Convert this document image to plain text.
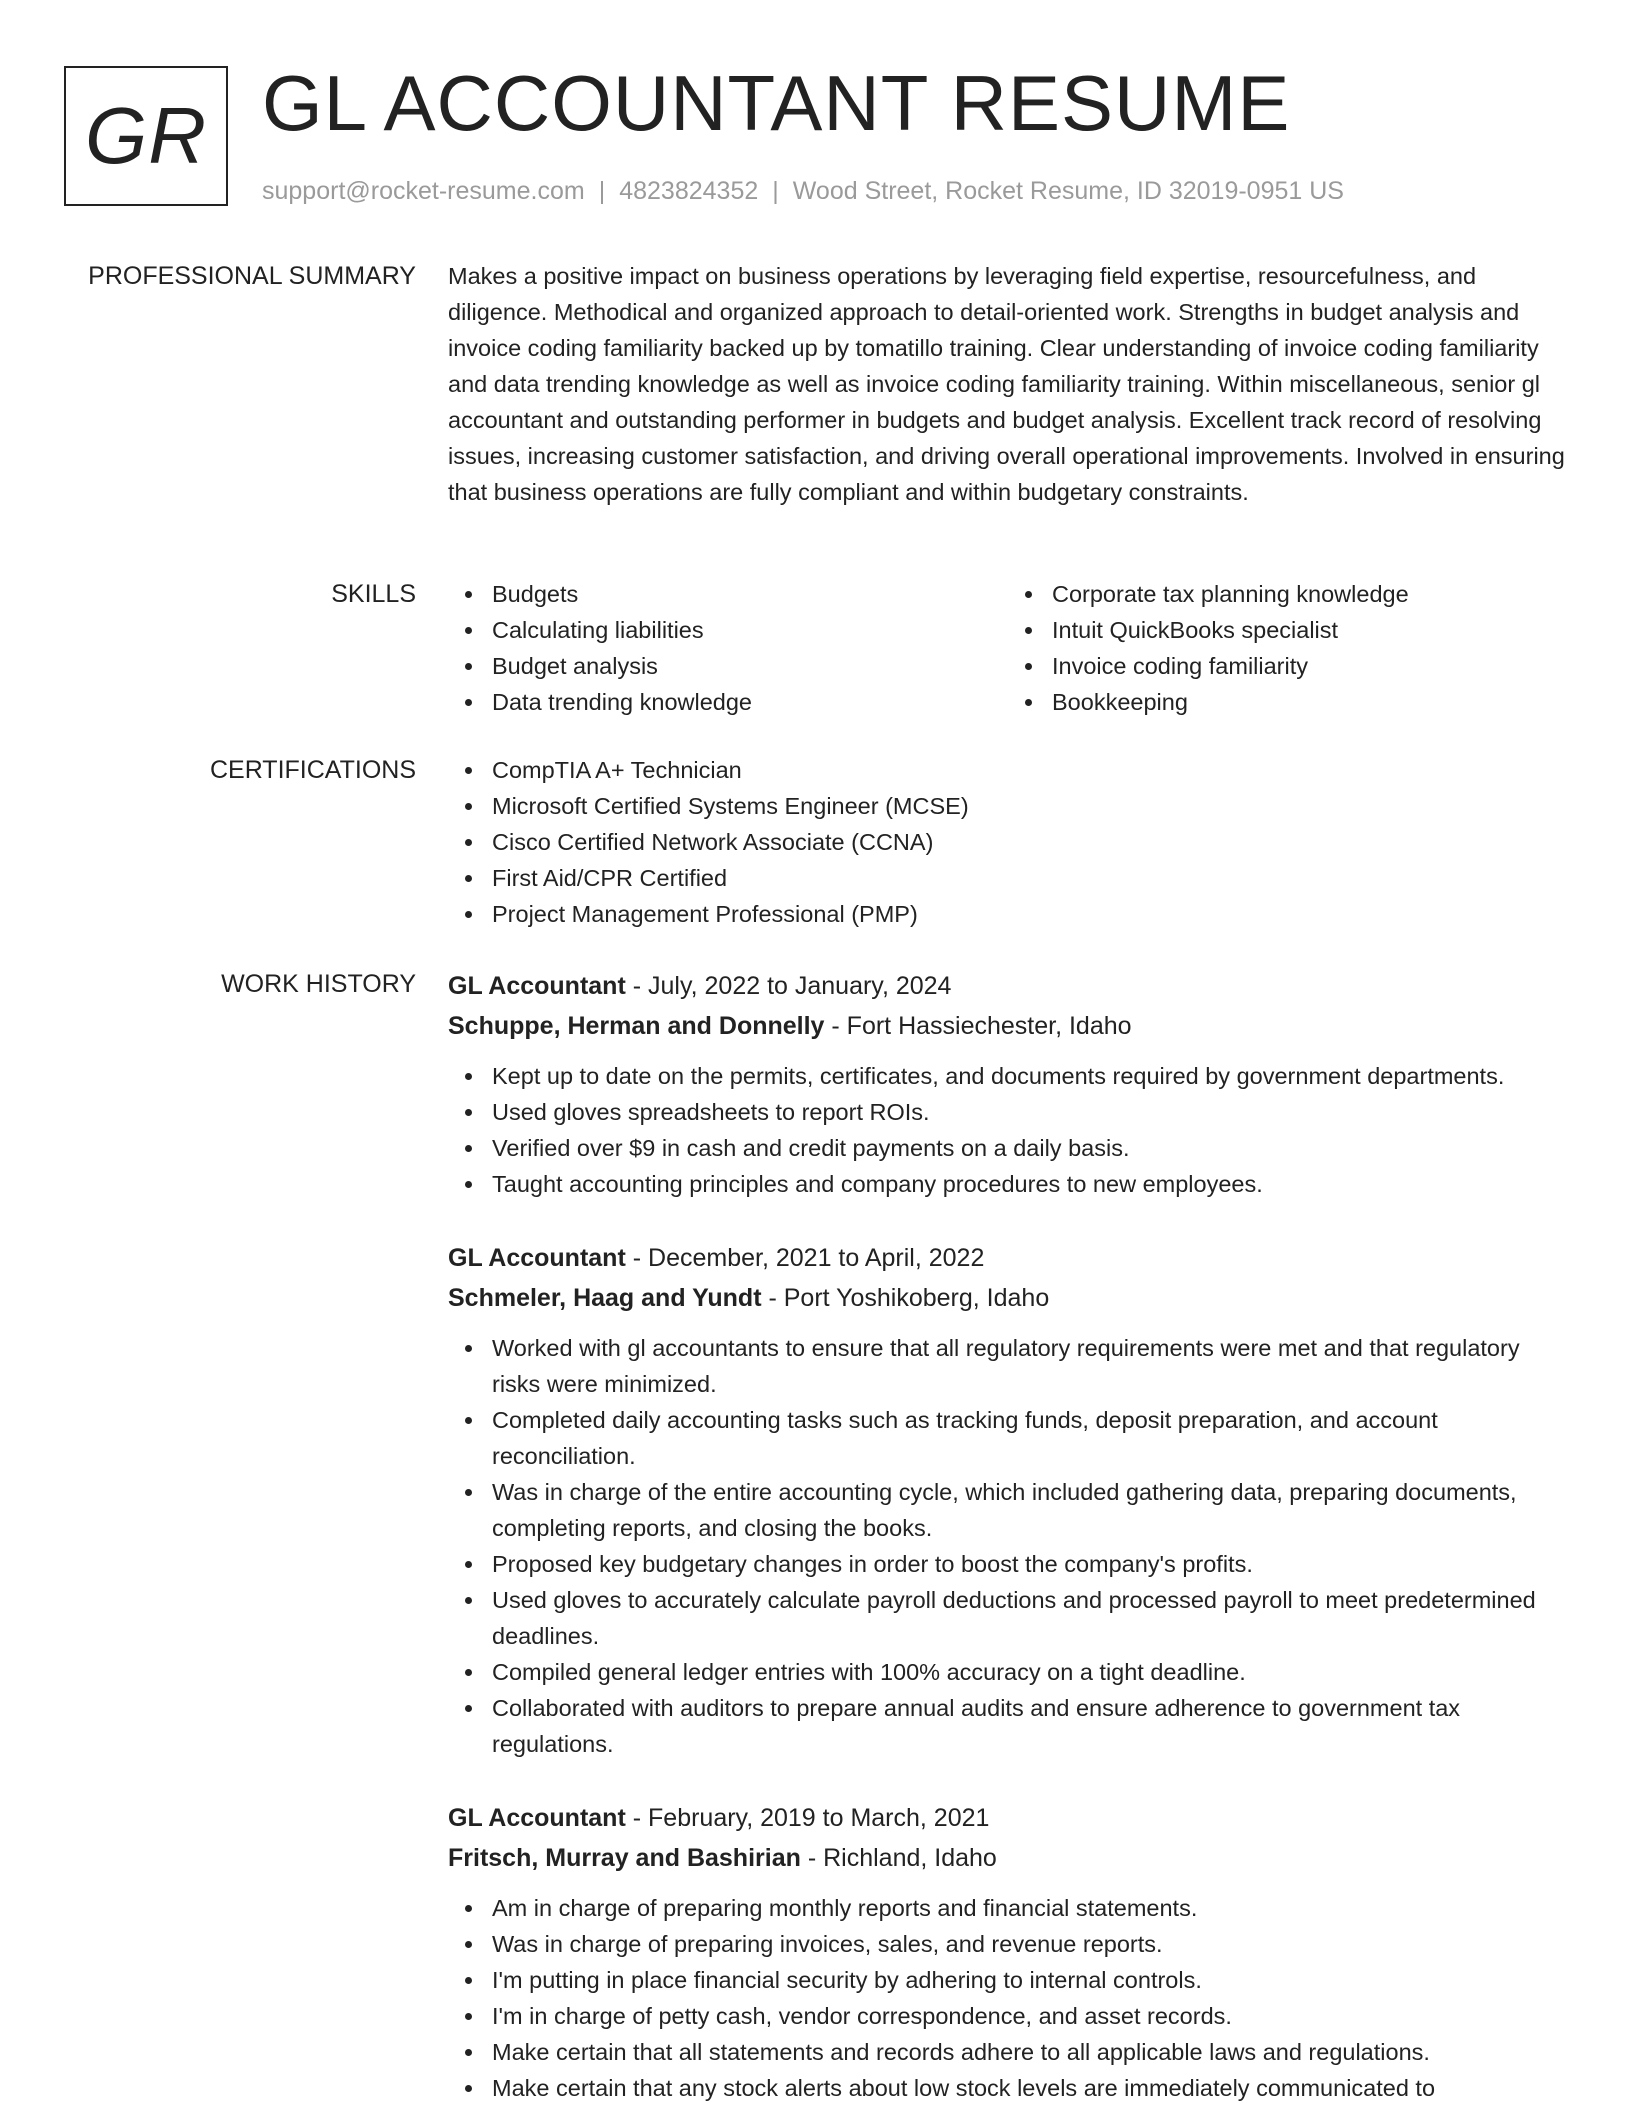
GR GL ACCOUNTANT RESUME
support@rocket-resume.com | 4823824352 | Wood Street, Rocket Resume, ID 32019-0951 US
PROFESSIONAL SUMMARY Makes a positive impact on business operations by leveraging field expertise, resourcefulness, and diligence. Methodical and organized approach to detail-oriented work. Strengths in budget analysis and invoice coding familiarity backed up by tomatillo training. Clear understanding of invoice coding familiarity and data trending knowledge as well as invoice coding familiarity training. Within miscellaneous, senior gl accountant and outstanding performer in budgets and budget analysis. Excellent track record of resolving issues, increasing customer satisfaction, and driving overall operational improvements. Involved in ensuring that business operations are fully compliant and within budgetary constraints.

SKILLS	Budgets
Calculating liabilities
Budget analysis
Data trending knowledge
Corporate tax planning knowledge
Intuit QuickBooks specialist
Invoice coding familiarity
Bookkeeping
CERTIFICATIONS	CompTIA A+ Technician
Microsoft Certified Systems Engineer (MCSE)
Cisco Certified Network Associate (CCNA)
First Aid/CPR Certified
Project Management Professional (PMP)
WORK HISTORY GL Accountant - July, 2022 to January, 2024
Schuppe, Herman and Donnelly - Fort Hassiechester, Idaho
Kept up to date on the permits, certificates, and documents required by government departments.
Used gloves spreadsheets to report ROIs.
Verified over $9 in cash and credit payments on a daily basis.
Taught accounting principles and company procedures to new employees.
GL Accountant - December, 2021 to April, 2022
Schmeler, Haag and Yundt - Port Yoshikoberg, Idaho
Worked with gl accountants to ensure that all regulatory requirements were met and that regulatory risks were minimized.
Completed daily accounting tasks such as tracking funds, deposit preparation, and account reconciliation.
Was in charge of the entire accounting cycle, which included gathering data, preparing documents, completing reports, and closing the books.
Proposed key budgetary changes in order to boost the company's profits.
Used gloves to accurately calculate payroll deductions and processed payroll to meet predetermined deadlines.
Compiled general ledger entries with 100% accuracy on a tight deadline.
Collaborated with auditors to prepare annual audits and ensure adherence to government tax regulations.
GL Accountant - February, 2019 to March, 2021
Fritsch, Murray and Bashirian - Richland, Idaho
Am in charge of preparing monthly reports and financial statements.
Was in charge of preparing invoices, sales, and revenue reports.
I'm putting in place financial security by adhering to internal controls.
I'm in charge of petty cash, vendor correspondence, and asset records.
Make certain that all statements and records adhere to all applicable laws and regulations.
Make certain that any stock alerts about low stock levels are immediately communicated to
